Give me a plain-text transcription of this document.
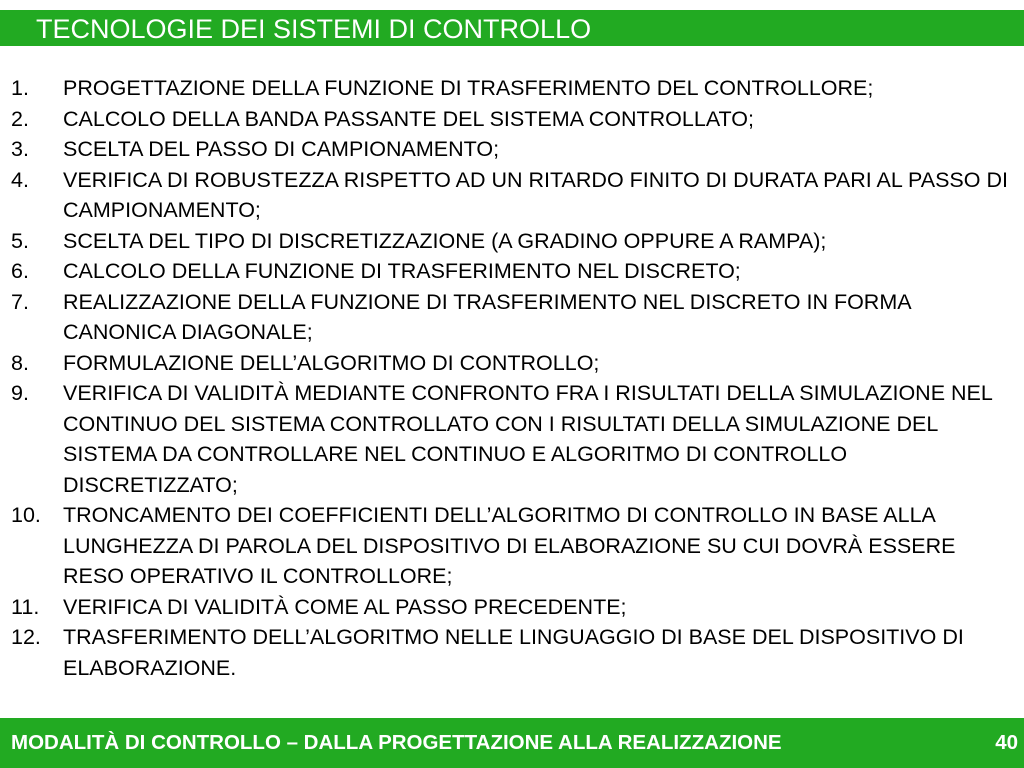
TECNOLOGIE DEI SISTEMI DI CONTROLLO
1. PROGETTAZIONE DELLA FUNZIONE DI TRASFERIMENTO DEL CONTROLLORE;
2. CALCOLO DELLA BANDA PASSANTE DEL SISTEMA CONTROLLATO;
3. SCELTA DEL PASSO DI CAMPIONAMENTO;
4. VERIFICA DI ROBUSTEZZA RISPETTO AD UN RITARDO FINITO DI DURATA PARI AL PASSO DI CAMPIONAMENTO;
5. SCELTA DEL TIPO DI DISCRETIZZAZIONE (A GRADINO OPPURE A RAMPA);
6. CALCOLO DELLA FUNZIONE DI TRASFERIMENTO NEL DISCRETO;
7. REALIZZAZIONE DELLA FUNZIONE DI TRASFERIMENTO NEL DISCRETO IN FORMA CANONICA DIAGONALE;
8. FORMULAZIONE DELL’ALGORITMO DI CONTROLLO;
9. VERIFICA DI VALIDITÀ MEDIANTE CONFRONTO FRA I RISULTATI DELLA SIMULAZIONE NEL CONTINUO DEL SISTEMA CONTROLLATO CON I RISULTATI DELLA SIMULAZIONE DEL SISTEMA DA CONTROLLARE NEL CONTINUO E ALGORITMO DI CONTROLLO DISCRETIZZATO;
10. TRONCAMENTO DEI COEFFICIENTI DELL’ALGORITMO DI CONTROLLO IN BASE ALLA LUNGHEZZA DI PAROLA DEL DISPOSITIVO DI ELABORAZIONE SU CUI DOVRÀ ESSERE RESO OPERATIVO IL CONTROLLORE;
11. VERIFICA DI VALIDITÀ COME AL PASSO PRECEDENTE;
12. TRASFERIMENTO DELL’ALGORITMO NELLE LINGUAGGIO DI BASE DEL DISPOSITIVO DI ELABORAZIONE.
MODALITÀ DI CONTROLLO – DALLA PROGETTAZIONE ALLA REALIZZAZIONE	40
